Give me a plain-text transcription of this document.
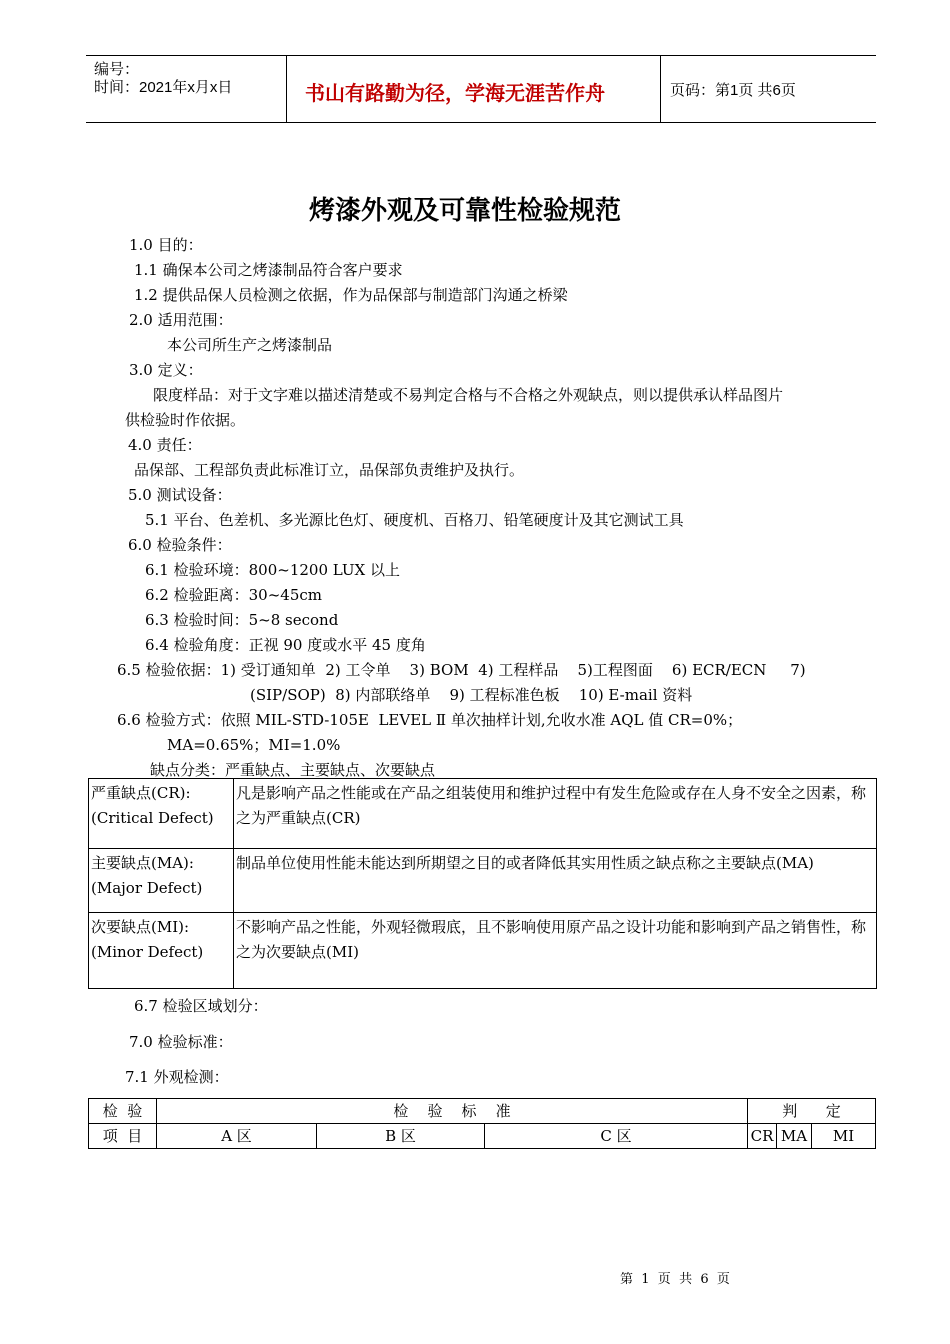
编号：
时间：2021年x月x日	书山有路勤为径，学海无涯苦作舟	页码：第1页 共6页
烤漆外观及可靠性检验规范
1.0 目的：
1.1 确保本公司之烤漆制品符合客户要求
1.2 提供品保人员检测之依据，作为品保部与制造部门沟通之桥梁
2.0 适用范围：
本公司所生产之烤漆制品
3.0 定义：
限度样品：对于文字难以描述清楚或不易判定合格与不合格之外观缺点，则以提供承认样品图片
供检验时作依据。
4.0 责任：
品保部、工程部负责此标准订立，品保部负责维护及执行。
5.0 测试设备：
5.1 平台、色差机、多光源比色灯、硬度机、百格刀、铅笔硬度计及其它测试工具
6.0 检验条件：
6.1 检验环境：800~1200 LUX 以上
6.2 检验距离：30~45cm
6.3 检验时间：5~8 second
6.4 检验角度：正视 90 度或水平 45 度角
6.5 检验依据：1) 受订通知单  2) 工令单    3) BOM  4) 工程样品    5)工程图面    6) ECR/ECN     7)
(SIP/SOP)  8) 内部联络单    9) 工程标准色板    10) E-mail 资料
6.6 检验方式：依照 MIL-STD-105E  LEVEL Ⅱ 单次抽样计划,允收水准 AQL 值 CR=0%；
MA=0.65%；MI=1.0%
缺点分类：严重缺点、主要缺点、次要缺点
严重缺点(CR):
(Critical Defect)	凡是影响产品之性能或在产品之组装使用和维护过程中有发生危险或存在人身不安全之因素，称之为严重缺点(CR)

主要缺点(MA):
(Major Defect)	制品单位使用性能未能达到所期望之目的或者降低其实用性质之缺点称之主要缺点(MA)

次要缺点(MI):
(Minor Defect)	不影响产品之性能，外观轻微瑕底，且不影响使用原产品之设计功能和影响到产品之销售性，称之为次要缺点(MI)
6.7 检验区域划分：
7.0 检验标准：
7.1 外观检测：
检  验	检    验    标    准			判      定		
项  目	A 区	B 区	C 区	CR	MA	MI
第  1  页  共  6  页
